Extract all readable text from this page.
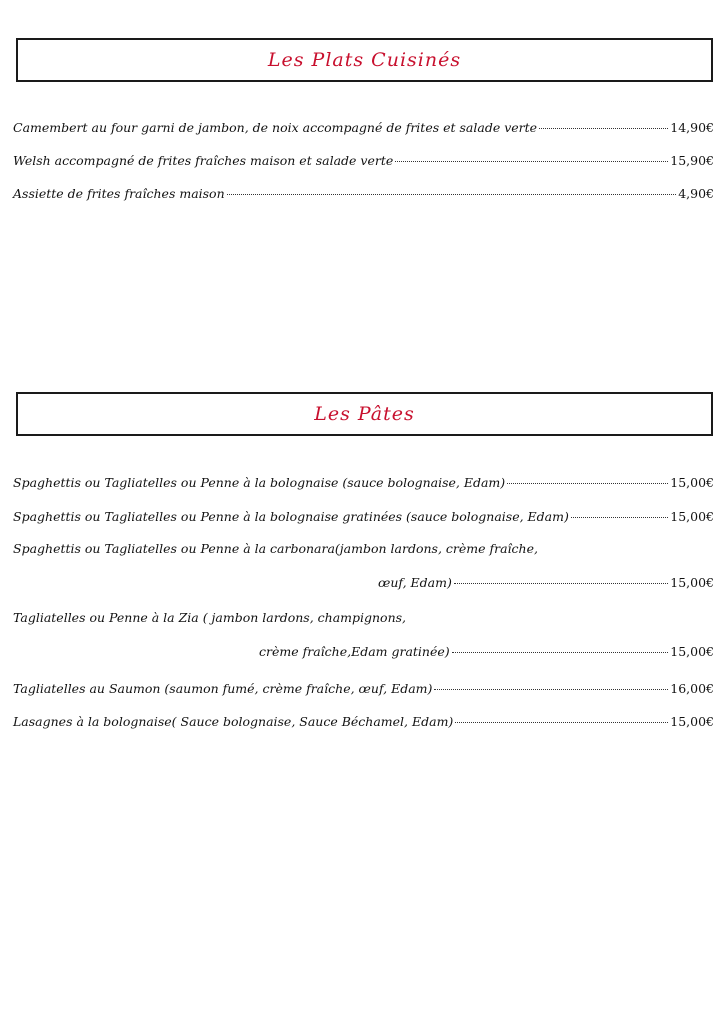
Les Plats Cuisinés
Camembert au four garni de jambon, de noix accompagné de frites et salade verte	14,90€
Welsh accompagné de frites fraîches maison et salade verte	15,90€
Assiette de frites fraîches maison	4,90€
Les Pâtes
Spaghettis ou Tagliatelles ou Penne à la bolognaise (sauce bolognaise, Edam)	15,00€
Spaghettis ou Tagliatelles ou Penne à la bolognaise gratinées (sauce bolognaise, Edam)	15,00€
Spaghettis ou Tagliatelles ou Penne à la carbonara(jambon lardons, crème fraîche,
œuf, Edam)	15,00€
Tagliatelles ou Penne à la Zia ( jambon lardons, champignons,
crème fraîche,Edam gratinée)	15,00€
Tagliatelles au Saumon (saumon fumé, crème fraîche, œuf, Edam)	16,00€
Lasagnes à la bolognaise( Sauce bolognaise, Sauce Béchamel, Edam)	15,00€
